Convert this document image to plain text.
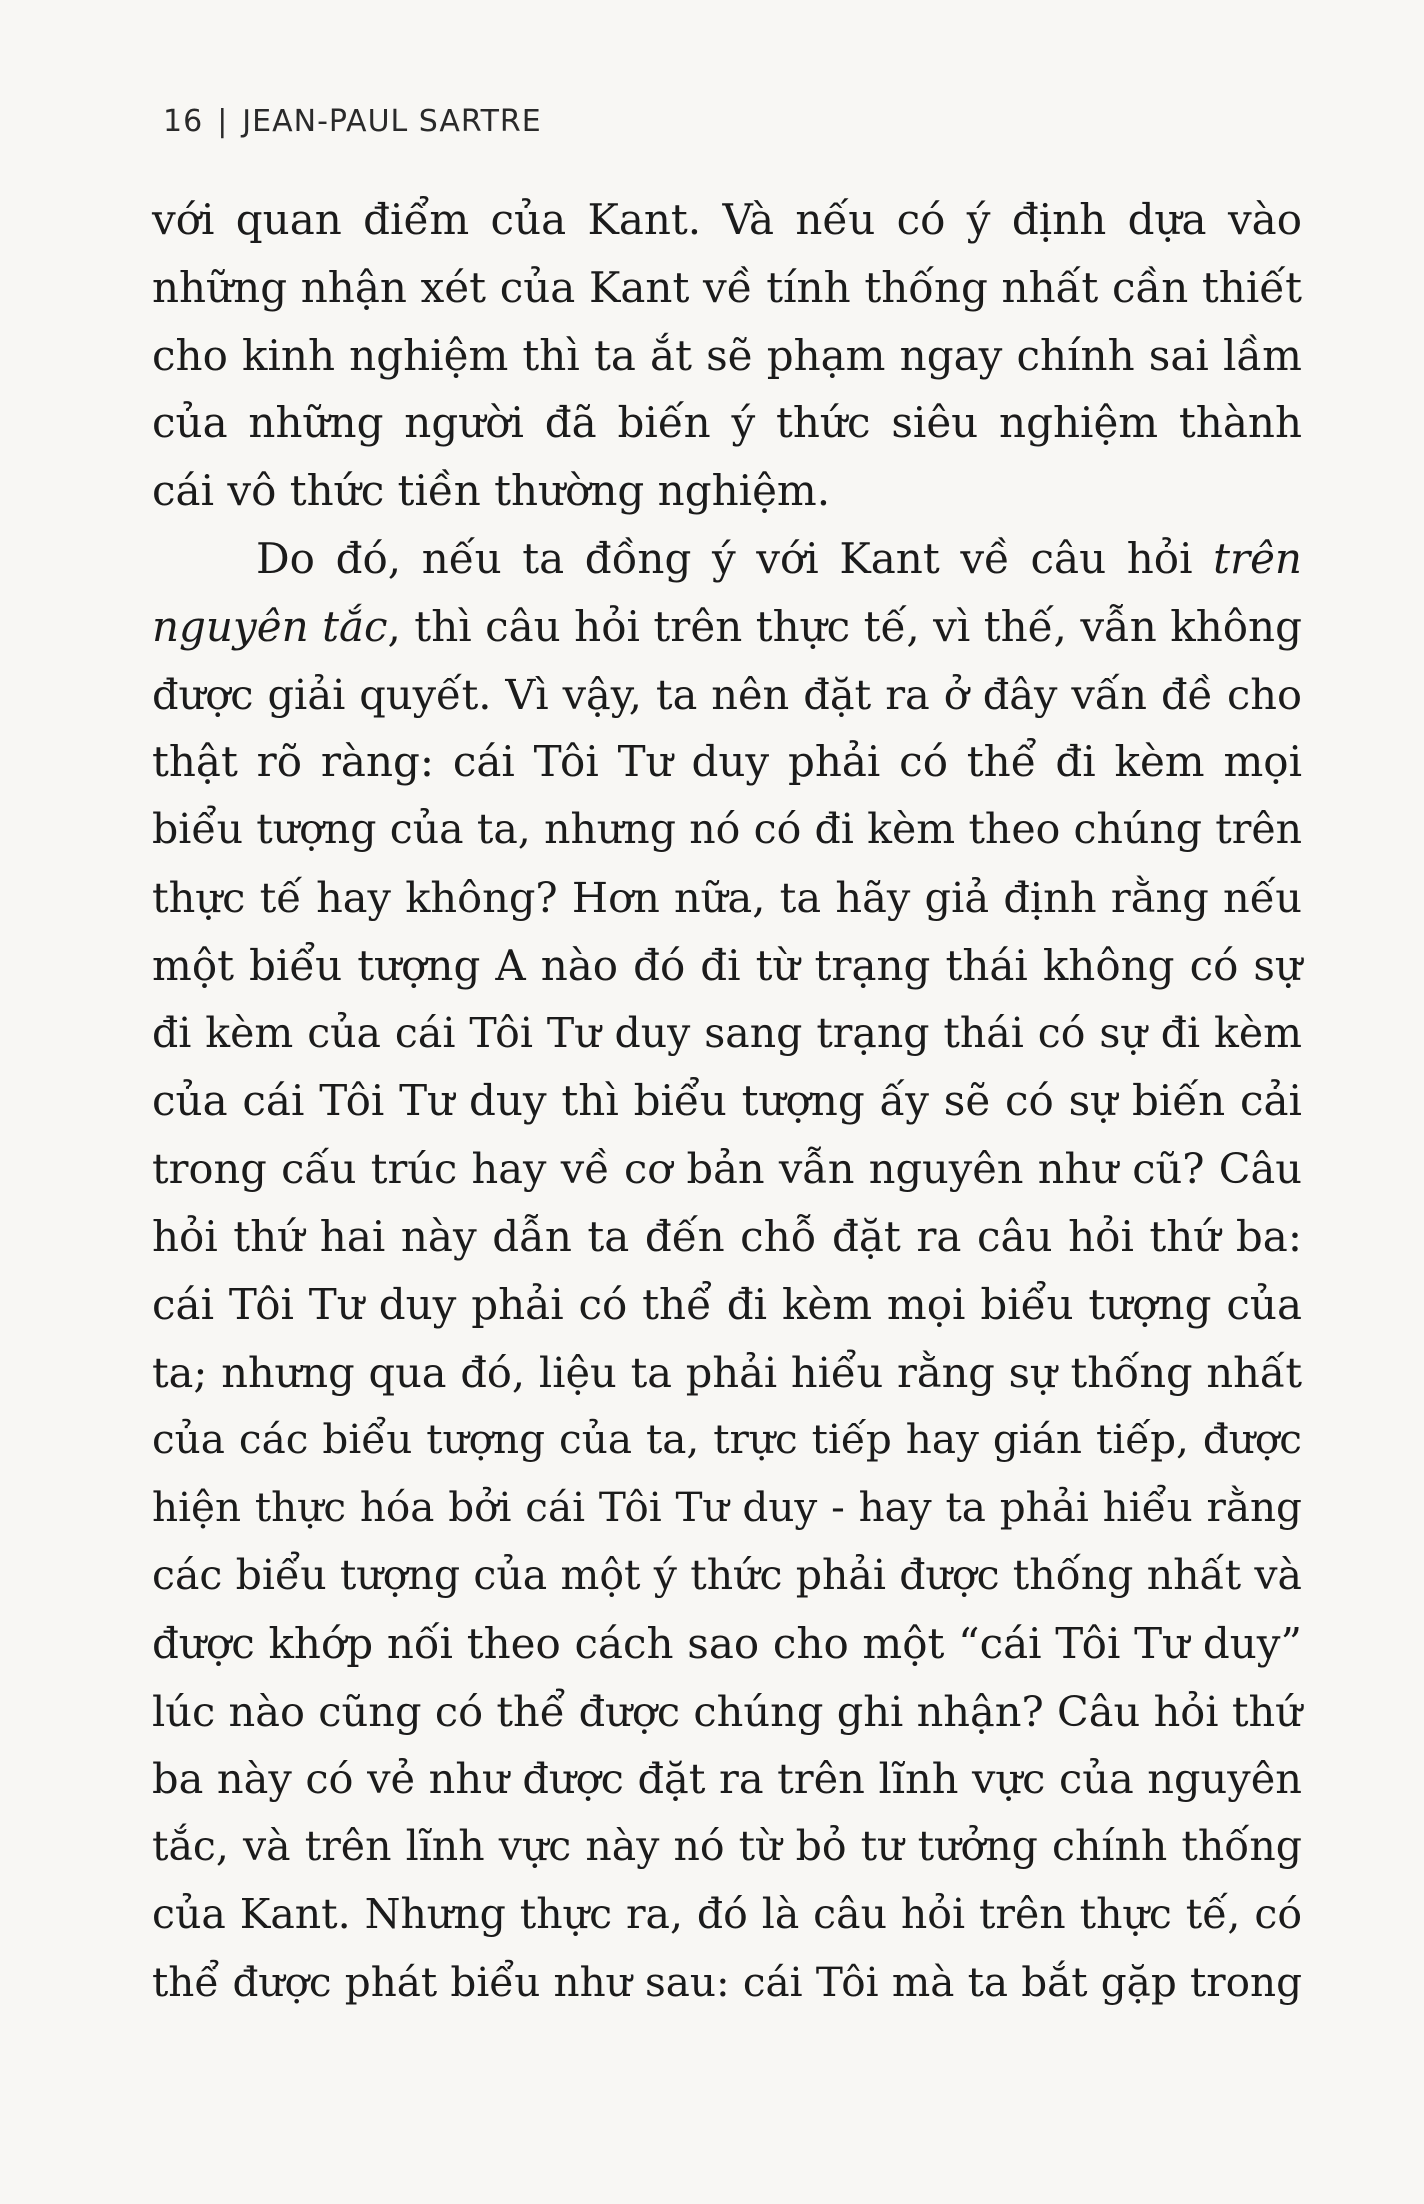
16 | JEAN-PAUL SARTRE
với quan điểm của Kant. Và nếu có ý định dựa vào
những nhận xét của Kant về tính thống nhất cần thiết
cho kinh nghiệm thì ta ắt sẽ phạm ngay chính sai lầm
của những người đã biến ý thức siêu nghiệm thành
cái vô thức tiền thường nghiệm.
Do đó, nếu ta đồng ý với Kant về câu hỏi trên
nguyên tắc, thì câu hỏi trên thực tế, vì thế, vẫn không
được giải quyết. Vì vậy, ta nên đặt ra ở đây vấn đề cho
thật rõ ràng: cái Tôi Tư duy phải có thể đi kèm mọi
biểu tượng của ta, nhưng nó có đi kèm theo chúng trên
thực tế hay không? Hơn nữa, ta hãy giả định rằng nếu
một biểu tượng A nào đó đi từ trạng thái không có sự
đi kèm của cái Tôi Tư duy sang trạng thái có sự đi kèm
của cái Tôi Tư duy thì biểu tượng ấy sẽ có sự biến cải
trong cấu trúc hay về cơ bản vẫn nguyên như cũ? Câu
hỏi thứ hai này dẫn ta đến chỗ đặt ra câu hỏi thứ ba:
cái Tôi Tư duy phải có thể đi kèm mọi biểu tượng của
ta; nhưng qua đó, liệu ta phải hiểu rằng sự thống nhất
của các biểu tượng của ta, trực tiếp hay gián tiếp, được
hiện thực hóa bởi cái Tôi Tư duy - hay ta phải hiểu rằng
các biểu tượng của một ý thức phải được thống nhất và
được khớp nối theo cách sao cho một “cái Tôi Tư duy”
lúc nào cũng có thể được chúng ghi nhận? Câu hỏi thứ
ba này có vẻ như được đặt ra trên lĩnh vực của nguyên
tắc, và trên lĩnh vực này nó từ bỏ tư tưởng chính thống
của Kant. Nhưng thực ra, đó là câu hỏi trên thực tế, có
thể được phát biểu như sau: cái Tôi mà ta bắt gặp trong
